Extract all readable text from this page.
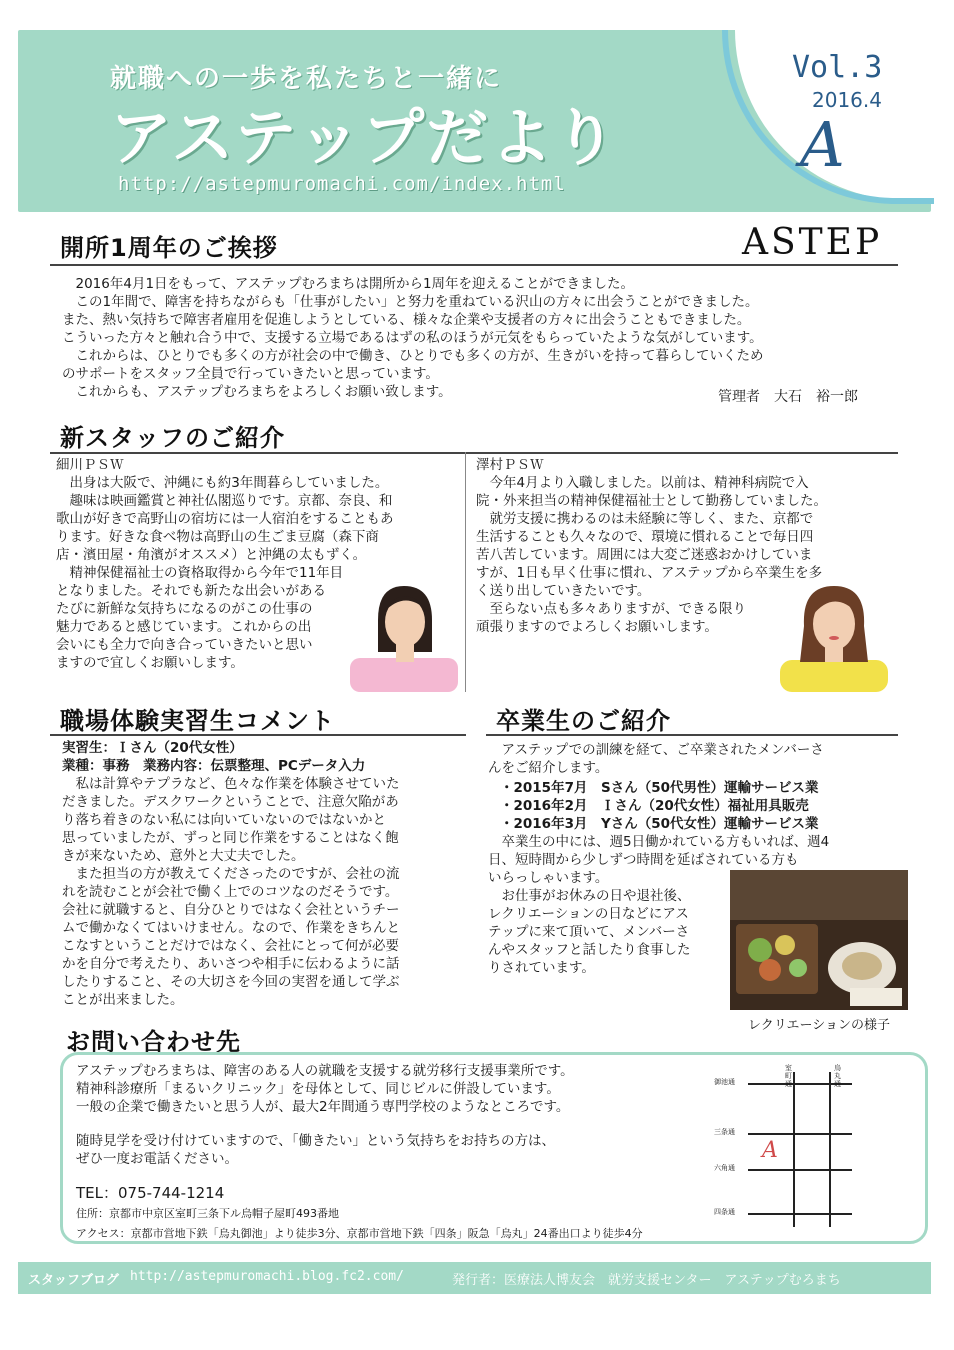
就職への一歩を私たちと一緒に
アステップだより
http://astepmuromachi.com/index.html
Vol.3
2016.4
A
開所1周年のご挨拶	ASTEP

　2016年4月1日をもって、アステップむろまちは開所から1周年を迎えることができました。

　この1年間で、障害を持ちながらも「仕事がしたい」と努力を重ねている沢山の方々に出会うことができました。

また、熱い気持ちで障害者雇用を促進しようとしている、様々な企業や支援者の方々に出会うこともできました。

こういった方々と触れ合う中で、支援する立場であるはずの私のほうが元気をもらっていたような気がしています。

　これからは、ひとりでも多くの方が社会の中で働き、ひとりでも多くの方が、生きがいを持って暮らしていくため

のサポートをスタッフ全員で行っていきたいと思っています。

　これからも、アステップむろまちをよろしくお願い致します。	管理者　大石　裕一郎
新スタッフのご紹介
細川ＰＳＷ

　出身は大阪で、沖縄にも約3年間暮らしていました。

　趣味は映画鑑賞と神社仏閣巡りです。京都、奈良、和

歌山が好きで高野山の宿坊には一人宿泊をすることもあ

ります。好きな食べ物は高野山の生ごま豆腐（森下商

店・濱田屋・角濱がオススメ）と沖縄の太もずく。

　精神保健福祉士の資格取得から今年で11年目

となりました。それでも新たな出会いがある

たびに新鮮な気持ちになるのがこの仕事の

魅力であると感じています。これからの出

会いにも全力で向き合っていきたいと思い

ますので宜しくお願いします。

澤村ＰＳＷ

　今年4月より入職しました。以前は、精神科病院で入

院・外来担当の精神保健福祉士として勤務していました。

　就労支援に携わるのは未経験に等しく、また、京都で

生活することも久々なので、環境に慣れることで毎日四

苦八苦しています。周囲には大変ご迷惑おかけしていま

すが、1日も早く仕事に慣れ、アステップから卒業生を多

く送り出していきたいです。

　至らない点も多々ありますが、できる限り

頑張りますのでよろしくお願いします。

職場体験実習生コメント
実習生：Ｉさん（20代女性）
業種：事務　業務内容：伝票整理、PCデータ入力

　私は計算やテプラなど、色々な作業を体験させていた

だきました。デスクワークということで、注意欠陥があ

り落ち着きのない私には向いていないのではないかと

思っていましたが、ずっと同じ作業をすることはなく飽

きが来ないため、意外と大丈夫でした。

　また担当の方が教えてくださったのですが、会社の流

れを読むことが会社で働く上でのコツなのだそうです。

会社に就職すると、自分ひとりではなく会社というチー

ムで働かなくてはいけません。なので、作業をきちんと

こなすということだけではなく、会社にとって何が必要

かを自分で考えたり、あいさつや相手に伝わるように話

したりすること、その大切さを今回の実習を通して学ぶ

ことが出来ました。

卒業生のご紹介

　アステップでの訓練を経て、ご卒業されたメンバーさ

んをご紹介します。

・2015年7月　Sさん（50代男性）運輸サービス業

・2016年2月　Ｉさん（20代女性）福祉用具販売

・2016年3月　Yさん（50代女性）運輸サービス業

　卒業生の中には、週5日働かれている方もいれば、週4

日、短時間から少しずつ時間を延ばされている方も

いらっしゃいます。

　お仕事がお休みの日や退社後、

レクリエーションの日などにアス

テップに来て頂いて、メンバーさ

んやスタッフと話したり食事した

りされています。

レクリエーションの様子
お問い合わせ先

アステップむろまちは、障害のある人の就職を支援する就労移行支援事業所です。

精神科診療所「まるいクリニック」を母体として、同じビルに併設しています。

一般の企業で働きたいと思う人が、最大2年間通う専門学校のようなところです。

随時見学を受け付けていますので、「働きたい」という気持ちをお持ちの方は、

ぜひ一度お電話ください。

TEL：075-744-1214
住所：京都市中京区室町三条下ル烏帽子屋町493番地
アクセス：京都市営地下鉄「烏丸御池」より徒歩3分、京都市営地下鉄「四条」阪急「烏丸」24番出口より徒歩4分
御池通
三条通
六角通
四条通
室町通
烏丸通
A
スタッフブログ http://astepmuromachi.blog.fc2.com/	発行者：医療法人博友会　就労支援センター　アステップむろまち
